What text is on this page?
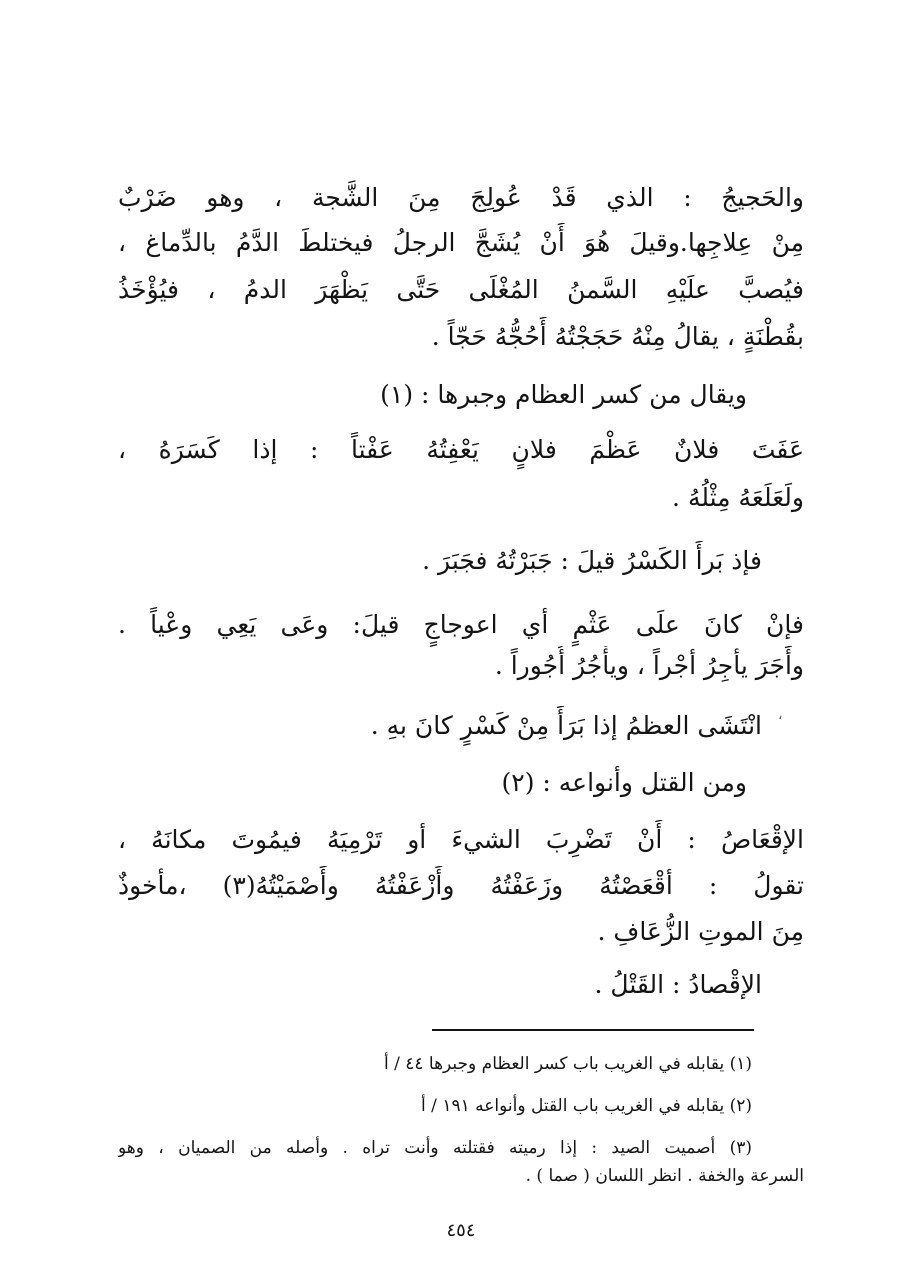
والحَجيجُ : الذي قَدْ عُولِجَ مِنَ الشَّجة ، وهو ضَرْبٌ
مِنْ عِلاجِها.وقيلَ هُوَ أَنْ يُشَجَّ الرجلُ فيختلطَ الدَّمُ بالدِّماغ ،
فيُصبَّ علَيْهِ السَّمنُ المُغْلَى حَتَّى يَظْهَرَ الدمُ ، فيُؤْخَذُ
بقُطْنَةٍ ، يقالُ مِنْهُ حَجَجْتُهُ أَحُجُّهُ حَجّاً .
ويقال من كسر العظام وجبرها : (١)
عَفَتَ فلانٌ عَظْمَ فلانٍ يَعْفِتُهُ عَفْتاً : إذا كَسَرَهُ ،
ولَعَلَعَهُ مِثْلُهُ .
فإذ بَرأَ الكَسْرُ قيلَ : جَبَرْتُهُ فجَبَرَ .
فإنْ كانَ علَى عَثْمٍ أي اعوجاجٍ قيلَ: وعَى يَعِي وعْياً .
وأَجَرَ يأجِرُ أجْراً ، ويأْجُرُ أُجُوراً .
انْتَشَى العظمُ إذا بَرَأَ مِنْ كَسْرٍ كانَ بهِ .
ومن القتل وأنواعه : (٢)
الإقْعَاصُ : أَنْ تَضْرِبَ الشيءَ أو تَرْمِيَهُ فيمُوتَ مكانَهُ ،
تقولُ : أقْعَصْتُهُ وزَعَفْتُهُ وأَزْعَفْتُهُ وأَصْمَيْتُهُ(٣) ،مأخوذٌ
مِنَ الموتِ الزُّعَافِ .
الإقْصادُ : القَتْلُ .
(١) يقابله في الغريب باب كسر العظام وجبرها ٤٤ / أ
(٢) يقابله في الغريب باب القتل وأنواعه ١٩١ / أ
(٣) أصميت الصيد : إذا رميته فقتلته وأنت تراه . وأصله من الصميان ، وهو
السرعة والخفة . انظر اللسان ( صما ) .
٤٥٤
،
